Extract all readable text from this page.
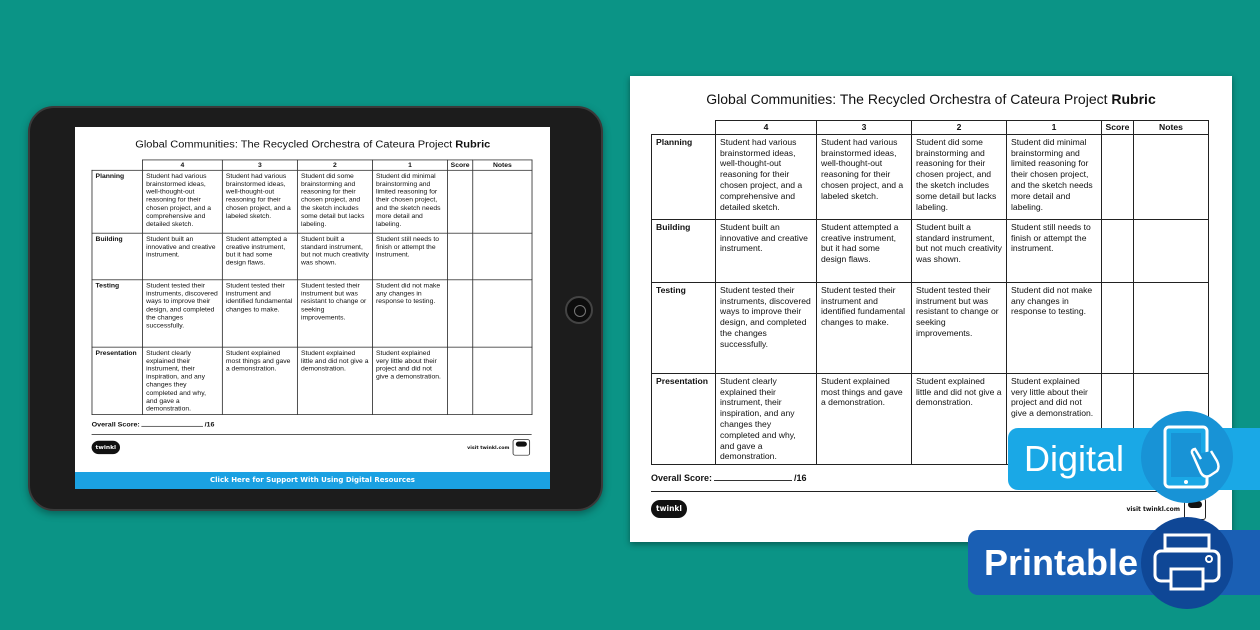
Global Communities: The Recycled Orchestra of Cateura Project Rubric
	4	3	2	1	Score	Notes
Planning	Student had various brainstormed ideas, well-thought-out reasoning for their chosen project, and a comprehensive and detailed sketch.	Student had various brainstormed ideas, well-thought-out reasoning for their chosen project, and a labeled sketch.	Student did some brainstorming and reasoning for their chosen project, and the sketch includes some detail but lacks labeling.	Student did minimal brainstorming and limited reasoning for their chosen project, and the sketch needs more detail and labeling.		
Building	Student built an innovative and creative instrument.	Student attempted a creative instrument, but it had some design flaws.	Student built a standard instrument, but not much creativity was shown.	Student still needs to finish or attempt the instrument.		
Testing	Student tested their instruments, discovered ways to improve their design, and completed the changes successfully.	Student tested their instrument and identified fundamental changes to make.	Student tested their instrument but was resistant to change or seeking improvements.	Student did not make any changes in response to testing.		
Presentation	Student clearly explained their instrument, their inspiration, and any changes they completed and why, and gave a demonstration.	Student explained most things and gave a demonstration.	Student explained little and did not give a demonstration.	Student explained very little about their project and did not give a demonstration.		
Overall Score:	/16
twinkl	visit twinkl.com
Click Here for Support With Using Digital Resources
Global Communities: The Recycled Orchestra of Cateura Project Rubric
	4	3	2	1	Score	Notes
Planning	Student had various brainstormed ideas, well-thought-out reasoning for their chosen project, and a comprehensive and detailed sketch.	Student had various brainstormed ideas, well-thought-out reasoning for their chosen project, and a labeled sketch.	Student did some brainstorming and reasoning for their chosen project, and the sketch includes some detail but lacks labeling.	Student did minimal brainstorming and limited reasoning for their chosen project, and the sketch needs more detail and labeling.		
Building	Student built an innovative and creative instrument.	Student attempted a creative instrument, but it had some design flaws.	Student built a standard instrument, but not much creativity was shown.	Student still needs to finish or attempt the instrument.		
Testing	Student tested their instruments, discovered ways to improve their design, and completed the changes successfully.	Student tested their instrument and identified fundamental changes to make.	Student tested their instrument but was resistant to change or seeking improvements.	Student did not make any changes in response to testing.		
Presentation	Student clearly explained their instrument, their inspiration, and any changes they completed and why, and gave a demonstration.	Student explained most things and gave a demonstration.	Student explained little and did not give a demonstration.	Student explained very little about their project and did not give a demonstration.		
Overall Score:	/16
twinkl	visit twinkl.com
Digital
Printable
